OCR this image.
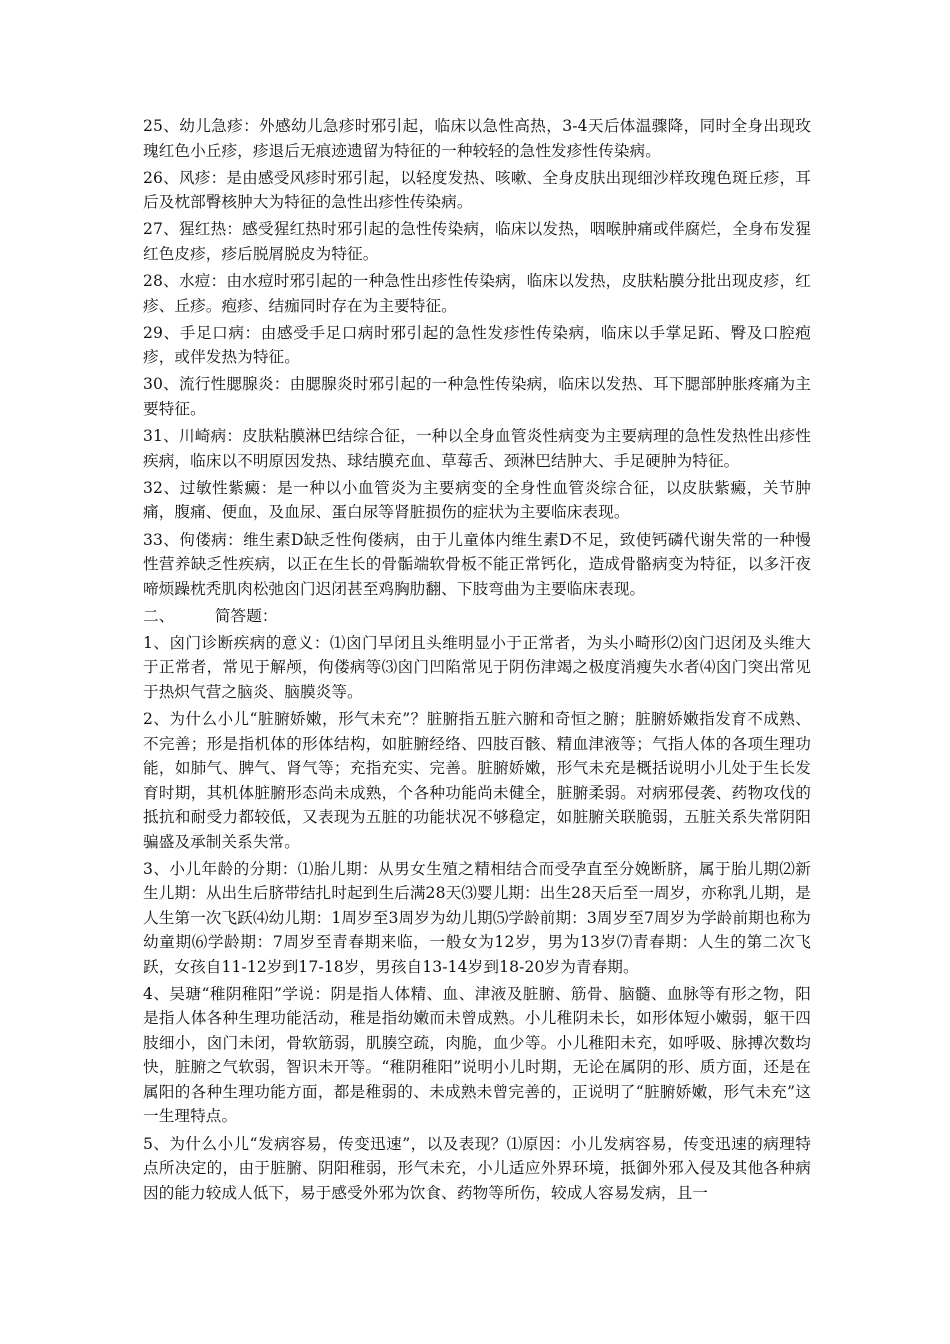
25、幼儿急疹：外感幼儿急疹时邪引起，临床以急性高热，3-4天后体温骤降，同时全身出现玫瑰红色小丘疹，疹退后无痕迹遗留为特征的一种较轻的急性发疹性传染病。

26、风疹：是由感受风疹时邪引起，以轻度发热、咳嗽、全身皮肤出现细沙样玫瑰色斑丘疹，耳后及枕部臀核肿大为特征的急性出疹性传染病。

27、猩红热：感受猩红热时邪引起的急性传染病，临床以发热，咽喉肿痛或伴腐烂，全身布发猩红色皮疹，疹后脱屑脱皮为特征。

28、水痘：由水痘时邪引起的一种急性出疹性传染病，临床以发热，皮肤粘膜分批出现皮疹，红疹、丘疹。疱疹、结痂同时存在为主要特征。

29、手足口病：由感受手足口病时邪引起的急性发疹性传染病，临床以手掌足跖、臀及口腔疱疹，或伴发热为特征。

30、流行性腮腺炎：由腮腺炎时邪引起的一种急性传染病，临床以发热、耳下腮部肿胀疼痛为主要特征。

31、川崎病：皮肤粘膜淋巴结综合征，一种以全身血管炎性病变为主要病理的急性发热性出疹性疾病，临床以不明原因发热、球结膜充血、草莓舌、颈淋巴结肿大、手足硬肿为特征。

32、过敏性紫癜：是一种以小血管炎为主要病变的全身性血管炎综合征，以皮肤紫癜，关节肿痛，腹痛、便血，及血尿、蛋白尿等肾脏损伤的症状为主要临床表现。

33、佝偻病：维生素D缺乏性佝偻病，由于儿童体内维生素D不足，致使钙磷代谢失常的一种慢性营养缺乏性疾病，以正在生长的骨骺端软骨板不能正常钙化，造成骨骼病变为特征，以多汗夜啼烦躁枕秃肌肉松弛囟门迟闭甚至鸡胸肋翻、下肢弯曲为主要临床表现。

二、        简答题：

1、囟门诊断疾病的意义：⑴囟门早闭且头维明显小于正常者，为头小畸形⑵囟门迟闭及头维大于正常者，常见于解颅，佝偻病等⑶囟门凹陷常见于阴伤津竭之极度消瘦失水者⑷囟门突出常见于热炽气营之脑炎、脑膜炎等。

2、为什么小儿“脏腑娇嫩，形气未充”？脏腑指五脏六腑和奇恒之腑；脏腑娇嫩指发育不成熟、不完善；形是指机体的形体结构，如脏腑经络、四肢百骸、精血津液等；气指人体的各项生理功能，如肺气、脾气、肾气等；充指充实、完善。脏腑娇嫩，形气未充是概括说明小儿处于生长发育时期，其机体脏腑形态尚未成熟，个各种功能尚未健全，脏腑柔弱。对病邪侵袭、药物攻伐的抵抗和耐受力都较低，又表现为五脏的功能状况不够稳定，如脏腑关联脆弱，五脏关系失常阴阳骗盛及承制关系失常。

3、小儿年龄的分期：⑴胎儿期：从男女生殖之精相结合而受孕直至分娩断脐，属于胎儿期⑵新生儿期：从出生后脐带结扎时起到生后满28天⑶婴儿期：出生28天后至一周岁，亦称乳儿期，是人生第一次飞跃⑷幼儿期：1周岁至3周岁为幼儿期⑸学龄前期：3周岁至7周岁为学龄前期也称为幼童期⑹学龄期：7周岁至青春期来临，一般女为12岁，男为13岁⑺青春期：人生的第二次飞跃，女孩自11-12岁到17-18岁，男孩自13-14岁到18-20岁为青春期。

4、吴瑭“稚阴稚阳”学说：阴是指人体精、血、津液及脏腑、筋骨、脑髓、血脉等有形之物，阳是指人体各种生理功能活动，稚是指幼嫩而未曾成熟。小儿稚阴未长，如形体短小嫩弱，躯干四肢细小，囟门未闭，骨软筋弱，肌腠空疏，肉脆，血少等。小儿稚阳未充，如呼吸、脉搏次数均快，脏腑之气软弱，智识未开等。“稚阴稚阳”说明小儿时期，无论在属阴的形、质方面，还是在属阳的各种生理功能方面，都是稚弱的、未成熟未曾完善的，正说明了“脏腑娇嫩，形气未充”这一生理特点。

5、为什么小儿“发病容易，传变迅速”，以及表现？⑴原因：小儿发病容易，传变迅速的病理特点所决定的，由于脏腑、阴阳稚弱，形气未充，小儿适应外界环境，抵御外邪入侵及其他各种病因的能力较成人低下，易于感受外邪为饮食、药物等所伤，较成人容易发病，且一
